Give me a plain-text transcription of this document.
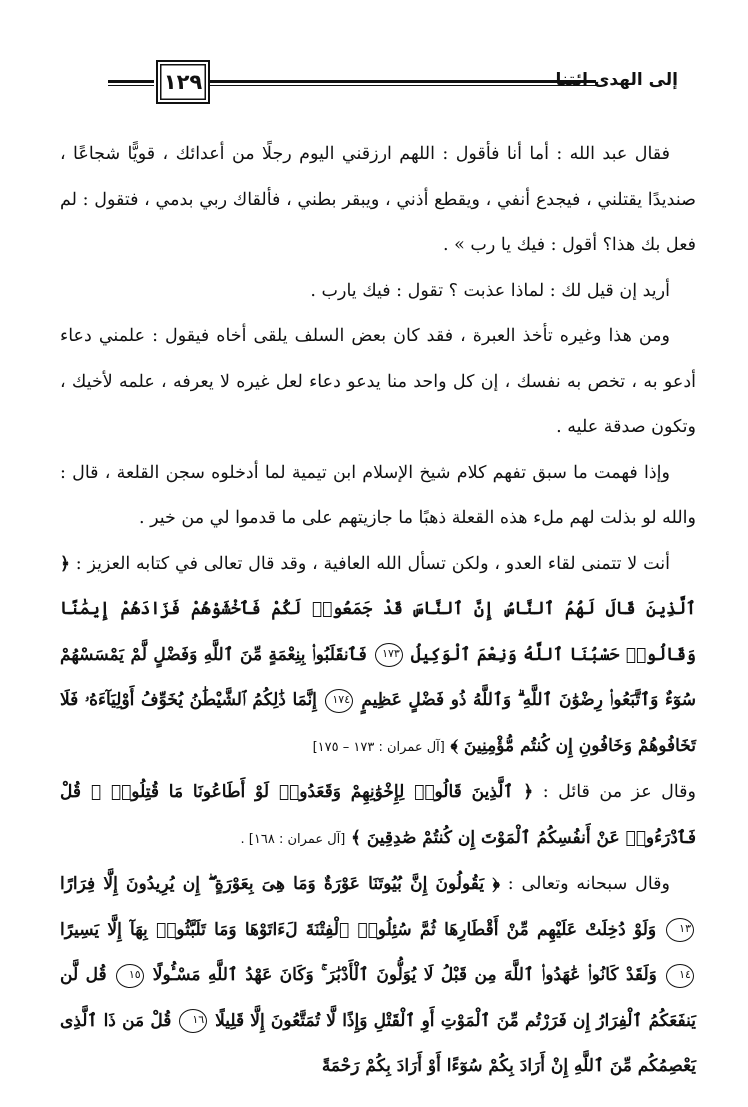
١٢٩	إلى الهدى ائتنا

فقال عبد الله : أما أنا فأقول : اللهم ارزقني اليوم رجلًا من أعدائك ، قويًّا شجاعًا ، صنديدًا يقتلني ، فيجدع أنفي ، ويقطع أذني ، ويبقر بطني ، فألقاك ربي بدمي ، فتقول : لم فعل بك هذا؟ أقول : فيك يا رب » .

أريد إن قيل لك : لماذا عذبت ؟ تقول : فيك يارب .

ومن هذا وغيره تأخذ العبرة ، فقد كان بعض السلف يلقى أخاه فيقول : علمني دعاء أدعو به ، تخص به نفسك ، إن كل واحد منا يدعو دعاء لعل غيره لا يعرفه ، علمه لأخيك ، وتكون صدقة عليه .

وإذا فهمت ما سبق تفهم كلام شيخ الإسلام ابن تيمية لما أدخلوه سجن القلعة ، قال : والله لو بذلت لهم ملء هذه القعلة ذهبًا ما جازيتهم على ما قدموا لي من خير .

أنت لا تتمنى لقاء العدو ، ولكن تسأل الله العافية ، وقد قال تعالى في كتابه العزيز : ﴿ ٱلَّذِينَ قَالَ لَهُمُ ٱلنَّاسُ إِنَّ ٱلنَّاسَ قَدْ جَمَعُوا۟ لَكُمْ فَٱخْشَوْهُمْ فَزَادَهُمْ إِيمَٰنًا وَقَالُوا۟ حَسْبُنَا ٱللَّهُ وَنِعْمَ ٱلْوَكِيلُ ١٧٣ فَٱنقَلَبُوا۟ بِنِعْمَةٍ مِّنَ ٱللَّهِ وَفَضْلٍ لَّمْ يَمْسَسْهُمْ سُوٓءٌ وَٱتَّبَعُوا۟ رِضْوَٰنَ ٱللَّهِ ۗ وَٱللَّهُ ذُو فَضْلٍ عَظِيمٍ ١٧٤ إِنَّمَا ذَٰلِكُمُ ٱلشَّيْطَٰنُ يُخَوِّفُ أَوْلِيَآءَهُۥ فَلَا تَخَافُوهُمْ وَخَافُونِ إِن كُنتُم مُّؤْمِنِينَ ﴾ [آل عمران : ١٧٣ – ١٧٥]

وقال عز من قائل : ﴿ ٱلَّذِينَ قَالُوا۟ لِإِخْوَٰنِهِمْ وَقَعَدُوا۟ لَوْ أَطَاعُونَا مَا قُتِلُوا۟ ۗ قُلْ فَٱدْرَءُوا۟ عَنْ أَنفُسِكُمُ ٱلْمَوْتَ إِن كُنتُمْ صَٰدِقِينَ ﴾ [آل عمران : ١٦٨] .

وقال سبحانه وتعالى : ﴿ يَقُولُونَ إِنَّ بُيُوتَنَا عَوْرَةٌ وَمَا هِىَ بِعَوْرَةٍ ۖ إِن يُرِيدُونَ إِلَّا فِرَارًا ١٣ وَلَوْ دُخِلَتْ عَلَيْهِم مِّنْ أَقْطَارِهَا ثُمَّ سُئِلُوا۟ ٱلْفِتْنَةَ لَءَاتَوْهَا وَمَا تَلَبَّثُوا۟ بِهَآ إِلَّا يَسِيرًا ١٤ وَلَقَدْ كَانُوا۟ عَٰهَدُوا۟ ٱللَّهَ مِن قَبْلُ لَا يُوَلُّونَ ٱلْأَدْبَٰرَ ۚ وَكَانَ عَهْدُ ٱللَّهِ مَسْـُٔولًا ١٥ قُل لَّن يَنفَعَكُمُ ٱلْفِرَارُ إِن فَرَرْتُم مِّنَ ٱلْمَوْتِ أَوِ ٱلْقَتْلِ وَإِذًا لَّا تُمَتَّعُونَ إِلَّا قَلِيلًا ١٦ قُلْ مَن ذَا ٱلَّذِى يَعْصِمُكُم مِّنَ ٱللَّهِ إِنْ أَرَادَ بِكُمْ سُوٓءًا أَوْ أَرَادَ بِكُمْ رَحْمَةً
